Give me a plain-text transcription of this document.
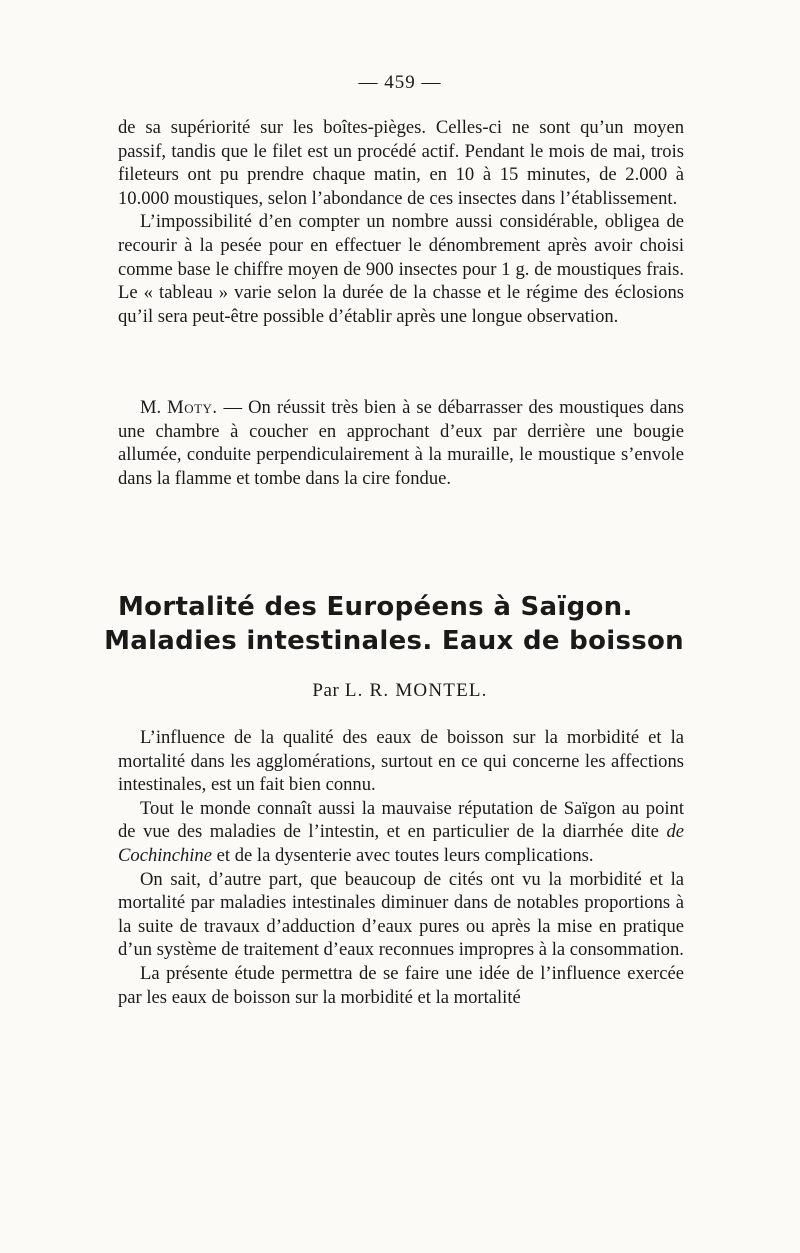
— 459 —

de sa supériorité sur les boîtes-pièges. Celles-ci ne sont qu’un moyen passif, tandis que le filet est un procédé actif. Pendant le mois de mai, trois fileteurs ont pu prendre chaque matin, en 10 à 15 minutes, de 2.000 à 10.000 moustiques, selon l’abondance de ces insectes dans l’établissement.

L’impossibilité d’en compter un nombre aussi considérable, obligea de recourir à la pesée pour en effectuer le dénombrement après avoir choisi comme base le chiffre moyen de 900 insectes pour 1 g. de moustiques frais. Le « tableau » varie selon la durée de la chasse et le régime des éclosions qu’il sera peut-être possible d’établir après une longue observation.

M. Moty. — On réussit très bien à se débarrasser des moustiques dans une chambre à coucher en approchant d’eux par derrière une bougie allumée, conduite perpendiculairement à la muraille, le moustique s’envole dans la flamme et tombe dans la cire fondue.

Mortalité des Européens à Saïgon.
Maladies intestinales. Eaux de boisson
Par L. R. MONTEL.

L’influence de la qualité des eaux de boisson sur la morbidité et la mortalité dans les agglomérations, surtout en ce qui concerne les affections intestinales, est un fait bien connu.

Tout le monde connaît aussi la mauvaise réputation de Saïgon au point de vue des maladies de l’intestin, et en particulier de la diarrhée dite de Cochinchine et de la dysenterie avec toutes leurs complications.

On sait, d’autre part, que beaucoup de cités ont vu la morbidité et la mortalité par maladies intestinales diminuer dans de notables proportions à la suite de travaux d’adduction d’eaux pures ou après la mise en pratique d’un système de traitement d’eaux reconnues impropres à la consommation.

La présente étude permettra de se faire une idée de l’influence exercée par les eaux de boisson sur la morbidité et la mortalité
